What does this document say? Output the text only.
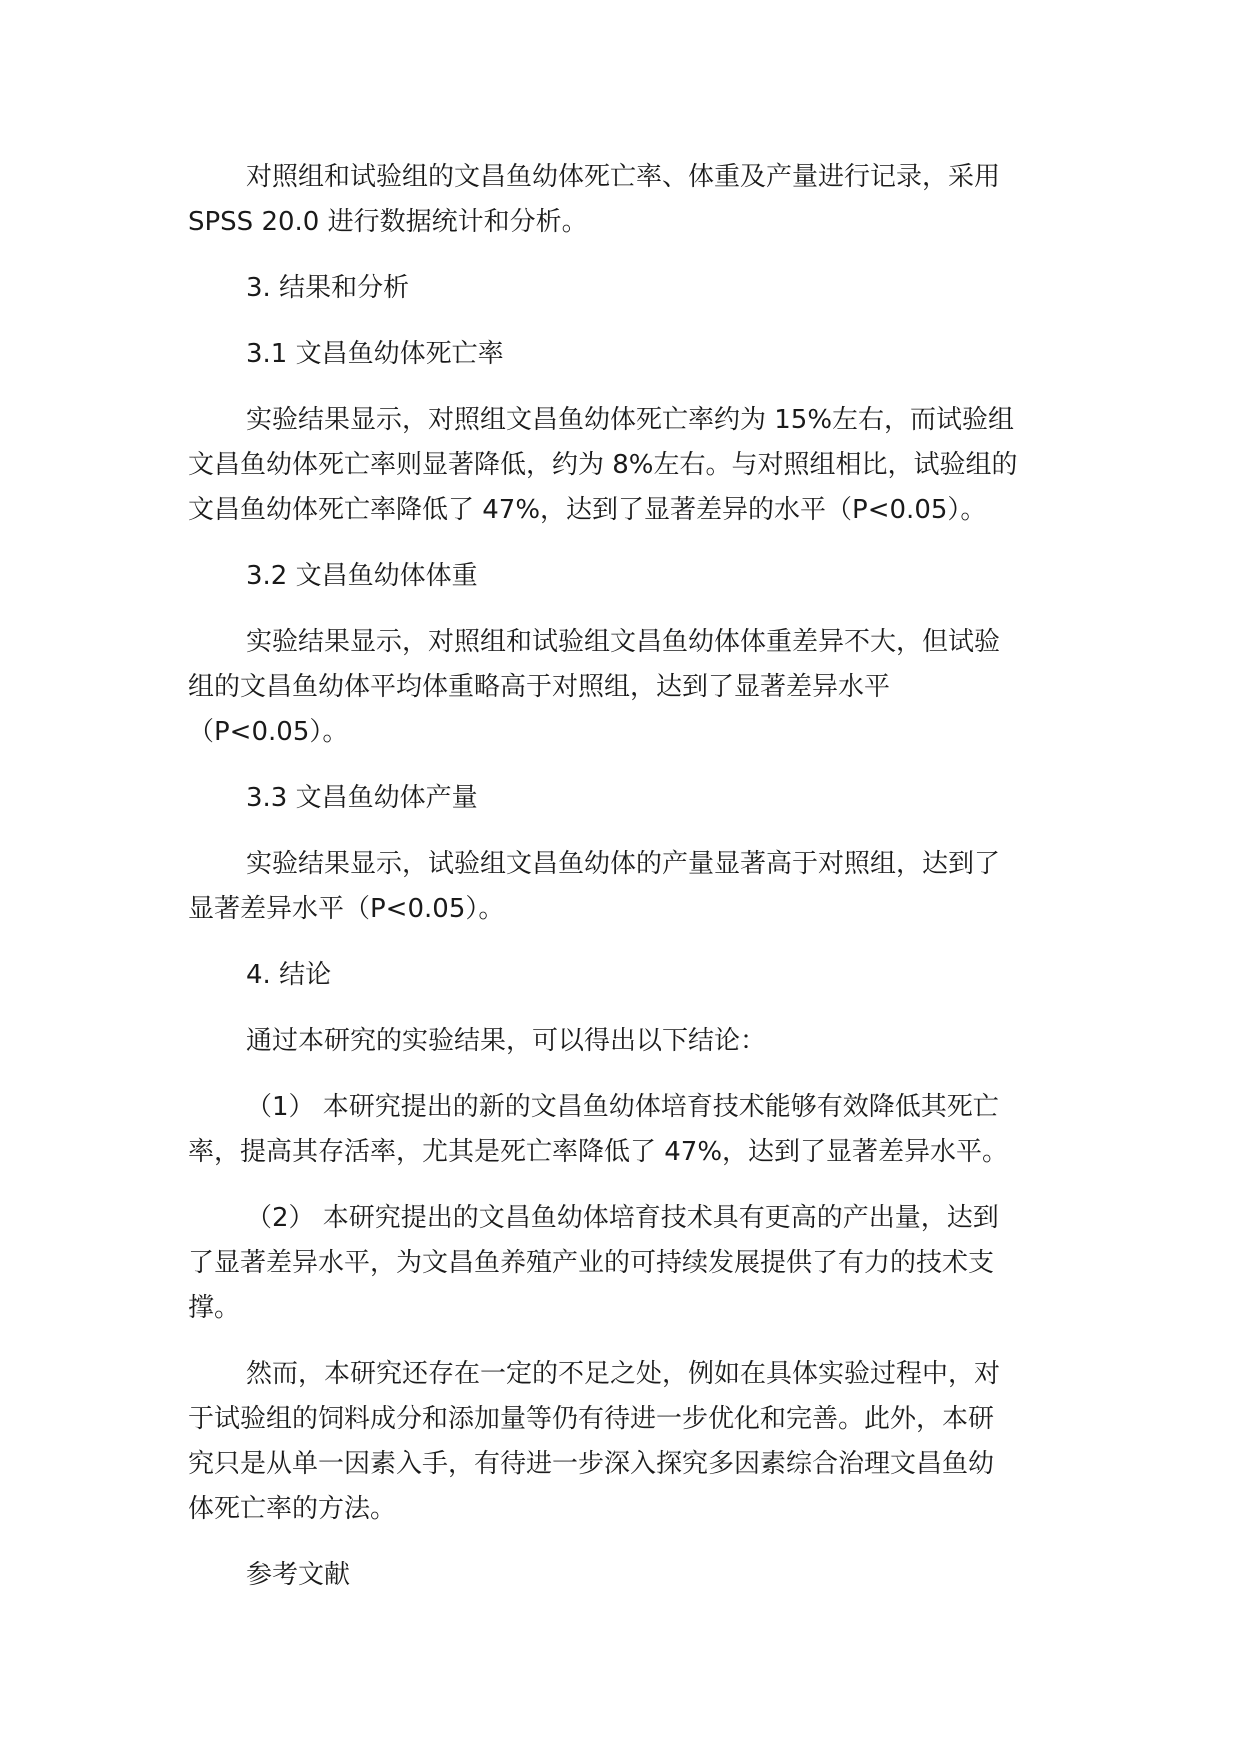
对照组和试验组的文昌鱼幼体死亡率、体重及产量进行记录，采用
SPSS 20.0 进行数据统计和分析。
3. 结果和分析
3.1 文昌鱼幼体死亡率
实验结果显示，对照组文昌鱼幼体死亡率约为 15%左右，而试验组
文昌鱼幼体死亡率则显著降低，约为 8%左右。与对照组相比，试验组的
文昌鱼幼体死亡率降低了 47%，达到了显著差异的水平（P<0.05）。
3.2 文昌鱼幼体体重
实验结果显示，对照组和试验组文昌鱼幼体体重差异不大，但试验
组的文昌鱼幼体平均体重略高于对照组，达到了显著差异水平
（P<0.05）。
3.3 文昌鱼幼体产量
实验结果显示，试验组文昌鱼幼体的产量显著高于对照组，达到了
显著差异水平（P<0.05）。
4. 结论
通过本研究的实验结果，可以得出以下结论：
（1） 本研究提出的新的文昌鱼幼体培育技术能够有效降低其死亡
率，提高其存活率，尤其是死亡率降低了 47%，达到了显著差异水平。
（2） 本研究提出的文昌鱼幼体培育技术具有更高的产出量，达到
了显著差异水平，为文昌鱼养殖产业的可持续发展提供了有力的技术支
撑。
然而，本研究还存在一定的不足之处，例如在具体实验过程中，对
于试验组的饲料成分和添加量等仍有待进一步优化和完善。此外，本研
究只是从单一因素入手，有待进一步深入探究多因素综合治理文昌鱼幼
体死亡率的方法。
参考文献
